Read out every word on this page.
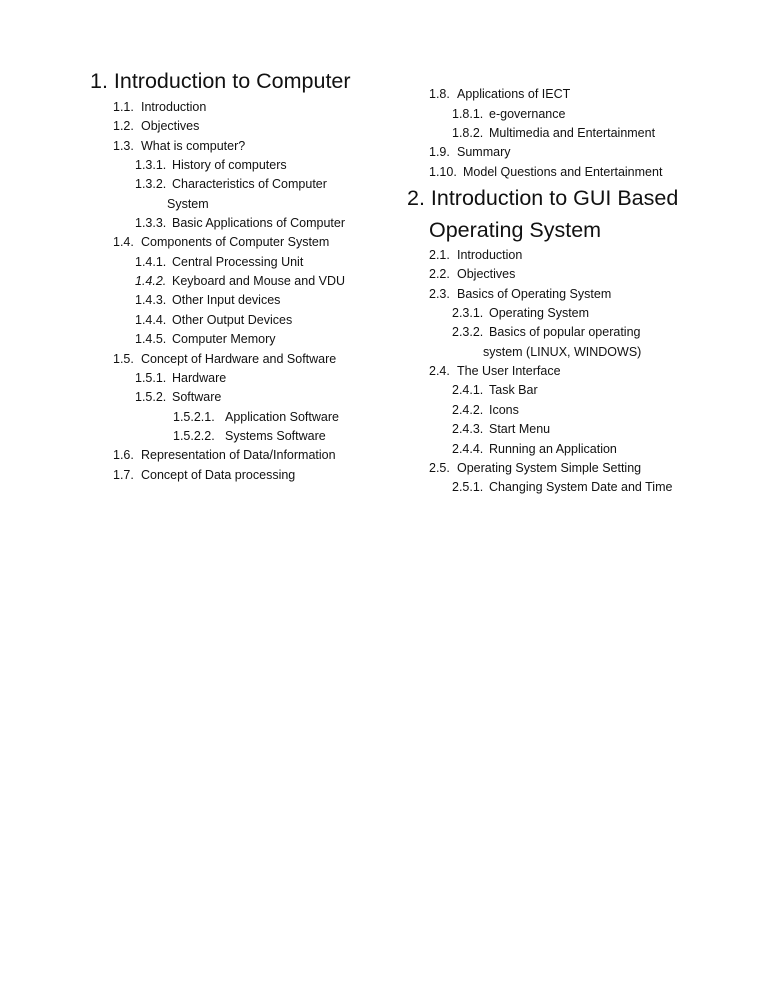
1. Introduction to Computer
1.1. Introduction
1.2. Objectives
1.3. What is computer?
1.3.1. History of computers
1.3.2. Characteristics of Computer
System
1.3.3. Basic Applications of Computer
1.4. Components of Computer System
1.4.1. Central Processing Unit
1.4.2. Keyboard and Mouse and VDU
1.4.3. Other Input devices
1.4.4. Other Output Devices
1.4.5. Computer Memory
1.5. Concept of Hardware and Software
1.5.1. Hardware
1.5.2. Software
1.5.2.1. Application Software
1.5.2.2. Systems Software
1.6. Representation of Data/Information
1.7. Concept of Data processing
1.8. Applications of IECT
1.8.1. e-governance
1.8.2. Multimedia and Entertainment
1.9. Summary
1.10. Model Questions and Entertainment
2. Introduction to GUI Based
Operating System
2.1. Introduction
2.2. Objectives
2.3. Basics of Operating System
2.3.1. Operating System
2.3.2. Basics of popular operating
system (LINUX, WINDOWS)
2.4. The User Interface
2.4.1. Task Bar
2.4.2. Icons
2.4.3. Start Menu
2.4.4. Running an Application
2.5. Operating System Simple Setting
2.5.1. Changing System Date and Time
